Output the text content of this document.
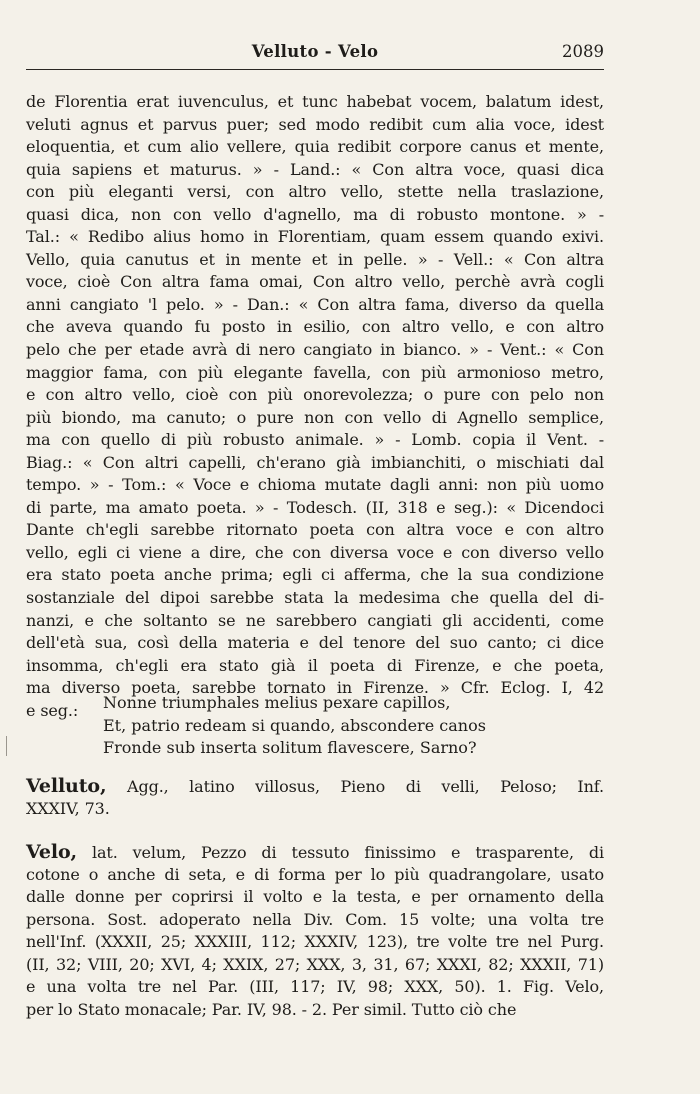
Velluto - Velo	2089
de Florentia erat iuvenculus, et tunc habebat vocem, balatum idest,
veluti agnus et parvus puer; sed modo redibit cum alia voce, idest
eloquentia, et cum alio vellere, quia redibit corpore canus et mente,
quia sapiens et maturus. » - Land.: « Con altra voce, quasi dica
con più eleganti versi, con altro vello, stette nella traslazione,
quasi dica, non con vello d'agnello, ma di robusto montone. » -
Tal.: « Redibo alius homo in Florentiam, quam essem quando exivi.
Vello, quia canutus et in mente et in pelle. » - Vell.: « Con altra
voce, cioè Con altra fama omai, Con altro vello, perchè avrà cogli
anni cangiato 'l pelo. » - Dan.: « Con altra fama, diverso da quella
che aveva quando fu posto in esilio, con altro vello, e con altro
pelo che per etade avrà di nero cangiato in bianco. » - Vent.: « Con
maggior fama, con più elegante favella, con più armonioso metro,
e con altro vello, cioè con più onorevolezza; o pure con pelo non
più biondo, ma canuto; o pure non con vello di Agnello semplice,
ma con quello di più robusto animale. » - Lomb. copia il Vent. -
Biag.: « Con altri capelli, ch'erano già imbianchiti, o mischiati dal
tempo. » - Tom.: « Voce e chioma mutate dagli anni: non più uomo
di parte, ma amato poeta. » - Todesch. (II, 318 e seg.): « Dicendoci
Dante ch'egli sarebbe ritornato poeta con altra voce e con altro
vello, egli ci viene a dire, che con diversa voce e con diverso vello
era stato poeta anche prima; egli ci afferma, che la sua condizione
sostanziale del dipoi sarebbe stata la medesima che quella del di-
nanzi, e che soltanto se ne sarebbero cangiati gli accidenti, come
dell'età sua, così della materia e del tenore del suo canto; ci dice
insomma, ch'egli era stato già il poeta di Firenze, e che poeta,
ma diverso poeta, sarebbe tornato in Firenze. » Cfr. Eclog. I, 42
e seg.:	Nonne triumphales melius pexare capillos,
Et, patrio redeam si quando, abscondere canos
Fronde sub inserta solitum flavescere, Sarno?
Velluto, Agg., latino villosus, Pieno di velli, Peloso; Inf.
XXXIV, 73.
Velo, lat. velum, Pezzo di tessuto finissimo e trasparente, di
cotone o anche di seta, e di forma per lo più quadrangolare, usato
dalle donne per coprirsi il volto e la testa, e per ornamento della
persona. Sost. adoperato nella Div. Com. 15 volte; una volta tre
nell'Inf. (XXXII, 25; XXXIII, 112; XXXIV, 123), tre volte tre nel Purg.
(II, 32; VIII, 20; XVI, 4; XXIX, 27; XXX, 3, 31, 67; XXXI, 82; XXXII, 71)
e una volta tre nel Par. (III, 117; IV, 98; XXX, 50). 1. Fig. Velo,
per lo Stato monacale; Par. IV, 98. - 2. Per simil. Tutto ciò che
